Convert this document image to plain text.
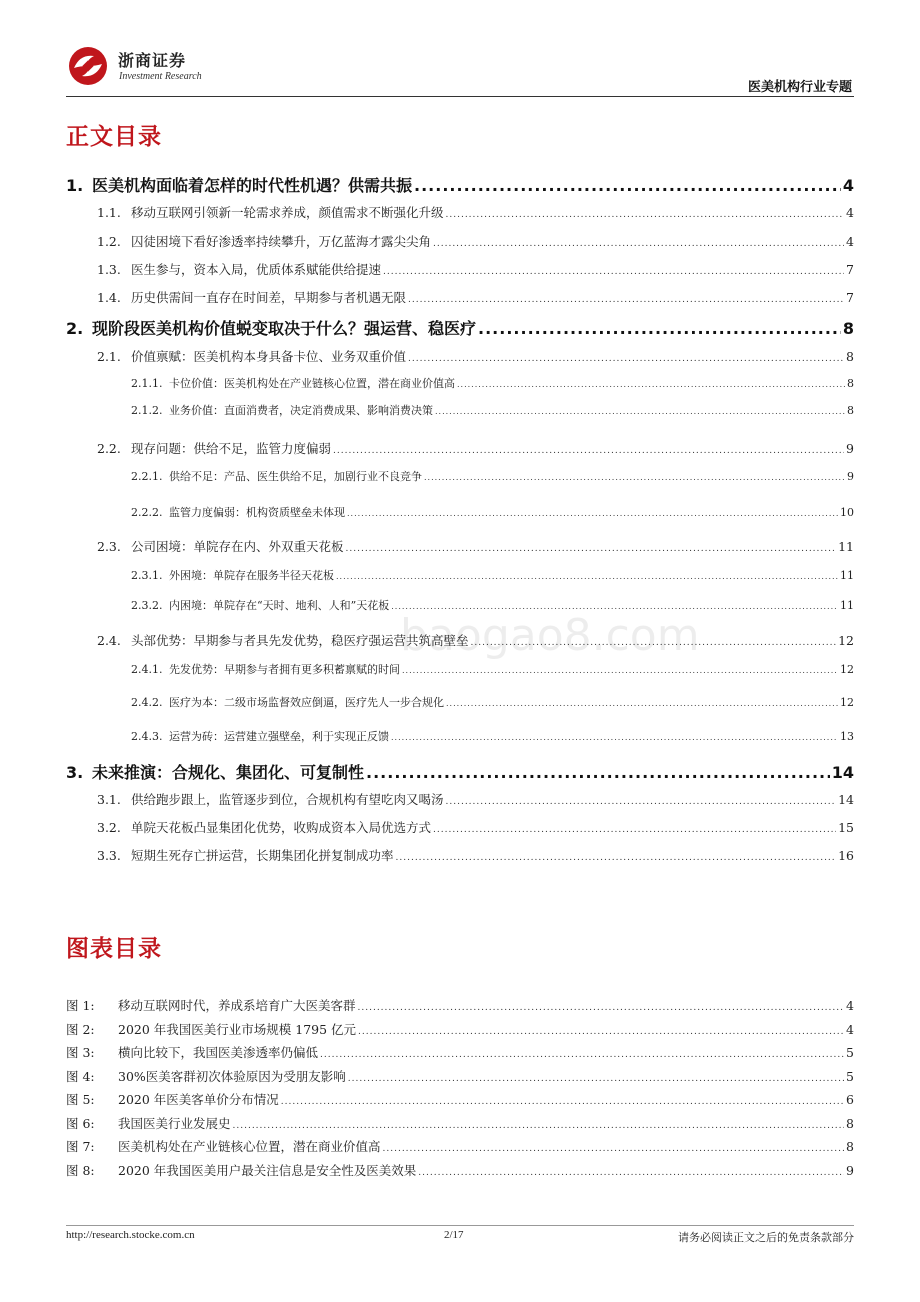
浙商证券
Investment Research
医美机构行业专题
baogao8.com
正文目录
1. 医美机构面临着怎样的时代性机遇？供需共振 .....	4
1.1. 移动互联网引领新一轮需求养成，颜值需求不断强化升级 .....	4
1.2. 囚徒困境下看好渗透率持续攀升，万亿蓝海才露尖尖角 .....	4
1.3. 医生参与，资本入局，优质体系赋能供给提速 .....	7
1.4. 历史供需间一直存在时间差，早期参与者机遇无限 .....	7
2. 现阶段医美机构价值蜕变取决于什么？强运营、稳医疗 .....	8
2.1. 价值禀赋：医美机构本身具备卡位、业务双重价值 .....	8
2.1.1. 卡位价值：医美机构处在产业链核心位置，潜在商业价值高 .....	8
2.1.2. 业务价值：直面消费者，决定消费成果、影响消费决策 .....	8
2.2. 现存问题：供给不足，监管力度偏弱 .....	9
2.2.1. 供给不足：产品、医生供给不足，加剧行业不良竞争 .....	9
2.2.2. 监管力度偏弱：机构资质壁垒未体现 .....	10
2.3. 公司困境：单院存在内、外双重天花板 .....	11
2.3.1. 外困境：单院存在服务半径天花板 .....	11
2.3.2. 内困境：单院存在“天时、地利、人和”天花板 .....	11
2.4. 头部优势：早期参与者具先发优势，稳医疗强运营共筑高壁垒 .....	12
2.4.1. 先发优势：早期参与者拥有更多积蓄禀赋的时间 .....	12
2.4.2. 医疗为本：二级市场监督效应倒逼，医疗先人一步合规化 .....	12
2.4.3. 运营为砖：运营建立强壁垒，利于实现正反馈 .....	13
3. 未来推演：合规化、集团化、可复制性 .....	14
3.1. 供给跑步跟上，监管逐步到位，合规机构有望吃肉又喝汤 .....	14
3.2. 单院天花板凸显集团化优势，收购成资本入局优选方式 .....	15
3.3. 短期生死存亡拼运营，长期集团化拼复制成功率 .....	16
图表目录
图 1:	移动互联网时代，养成系培育广大医美客群 .....	4
图 2:	2020 年我国医美行业市场规模 1795 亿元 .....	4
图 3:	横向比较下，我国医美渗透率仍偏低 .....	5
图 4:	30%医美客群初次体验原因为受朋友影响 .....	5
图 5:	2020 年医美客单价分布情况 .....	6
图 6:	我国医美行业发展史 .....	8
图 7:	医美机构处在产业链核心位置，潜在商业价值高 .....	8
图 8:	2020 年我国医美用户最关注信息是安全性及医美效果 .....	9
http://research.stocke.com.cn	2/17	请务必阅读正文之后的免责条款部分
